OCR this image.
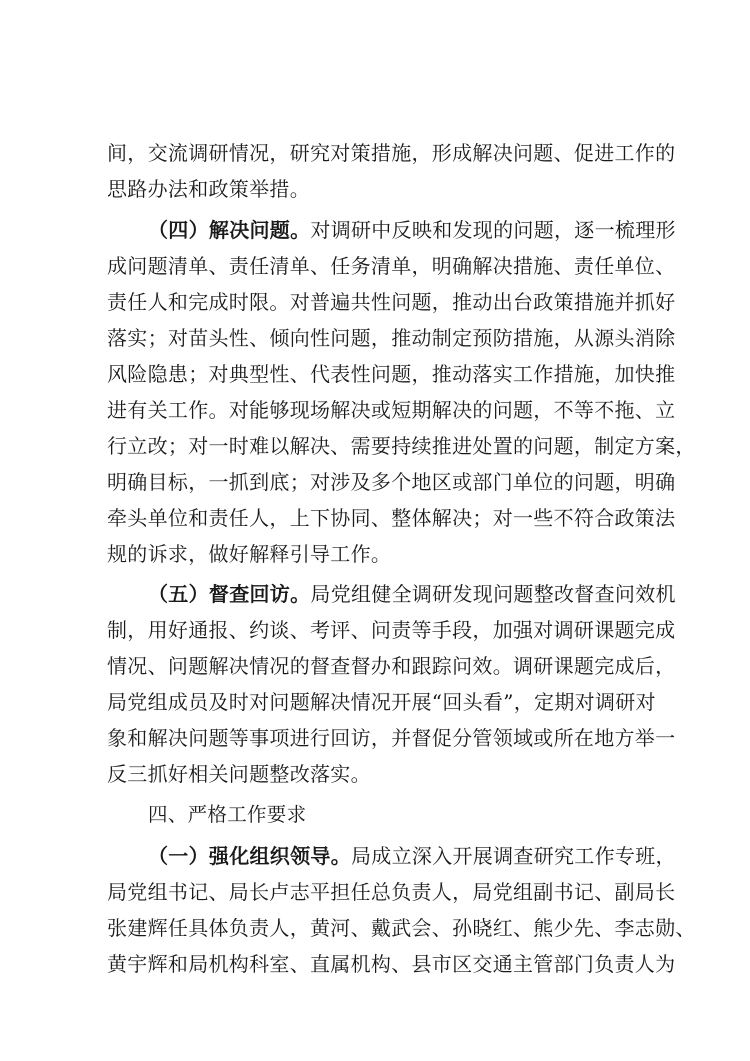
间，交流调研情况，研究对策措施，形成解决问题、促进工作的
思路办法和政策举措。
（四）解决问题。对调研中反映和发现的问题，逐一梳理形
成问题清单、责任清单、任务清单，明确解决措施、责任单位、
责任人和完成时限。对普遍共性问题，推动出台政策措施并抓好
落实；对苗头性、倾向性问题，推动制定预防措施，从源头消除
风险隐患；对典型性、代表性问题，推动落实工作措施，加快推
进有关工作。对能够现场解决或短期解决的问题，不等不拖、立
行立改；对一时难以解决、需要持续推进处置的问题，制定方案，
明确目标，一抓到底；对涉及多个地区或部门单位的问题，明确
牵头单位和责任人，上下协同、整体解决；对一些不符合政策法
规的诉求，做好解释引导工作。
（五）督查回访。局党组健全调研发现问题整改督查问效机
制，用好通报、约谈、考评、问责等手段，加强对调研课题完成
情况、问题解决情况的督查督办和跟踪问效。调研课题完成后，
局党组成员及时对问题解决情况开展“回头看”，定期对调研对
象和解决问题等事项进行回访，并督促分管领域或所在地方举一
反三抓好相关问题整改落实。
四、严格工作要求
（一）强化组织领导。局成立深入开展调查研究工作专班，
局党组书记、局长卢志平担任总负责人，局党组副书记、副局长
张建辉任具体负责人，黄河、戴武会、孙晓红、熊少先、李志勋、
黄宇辉和局机构科室、直属机构、县市区交通主管部门负责人为
